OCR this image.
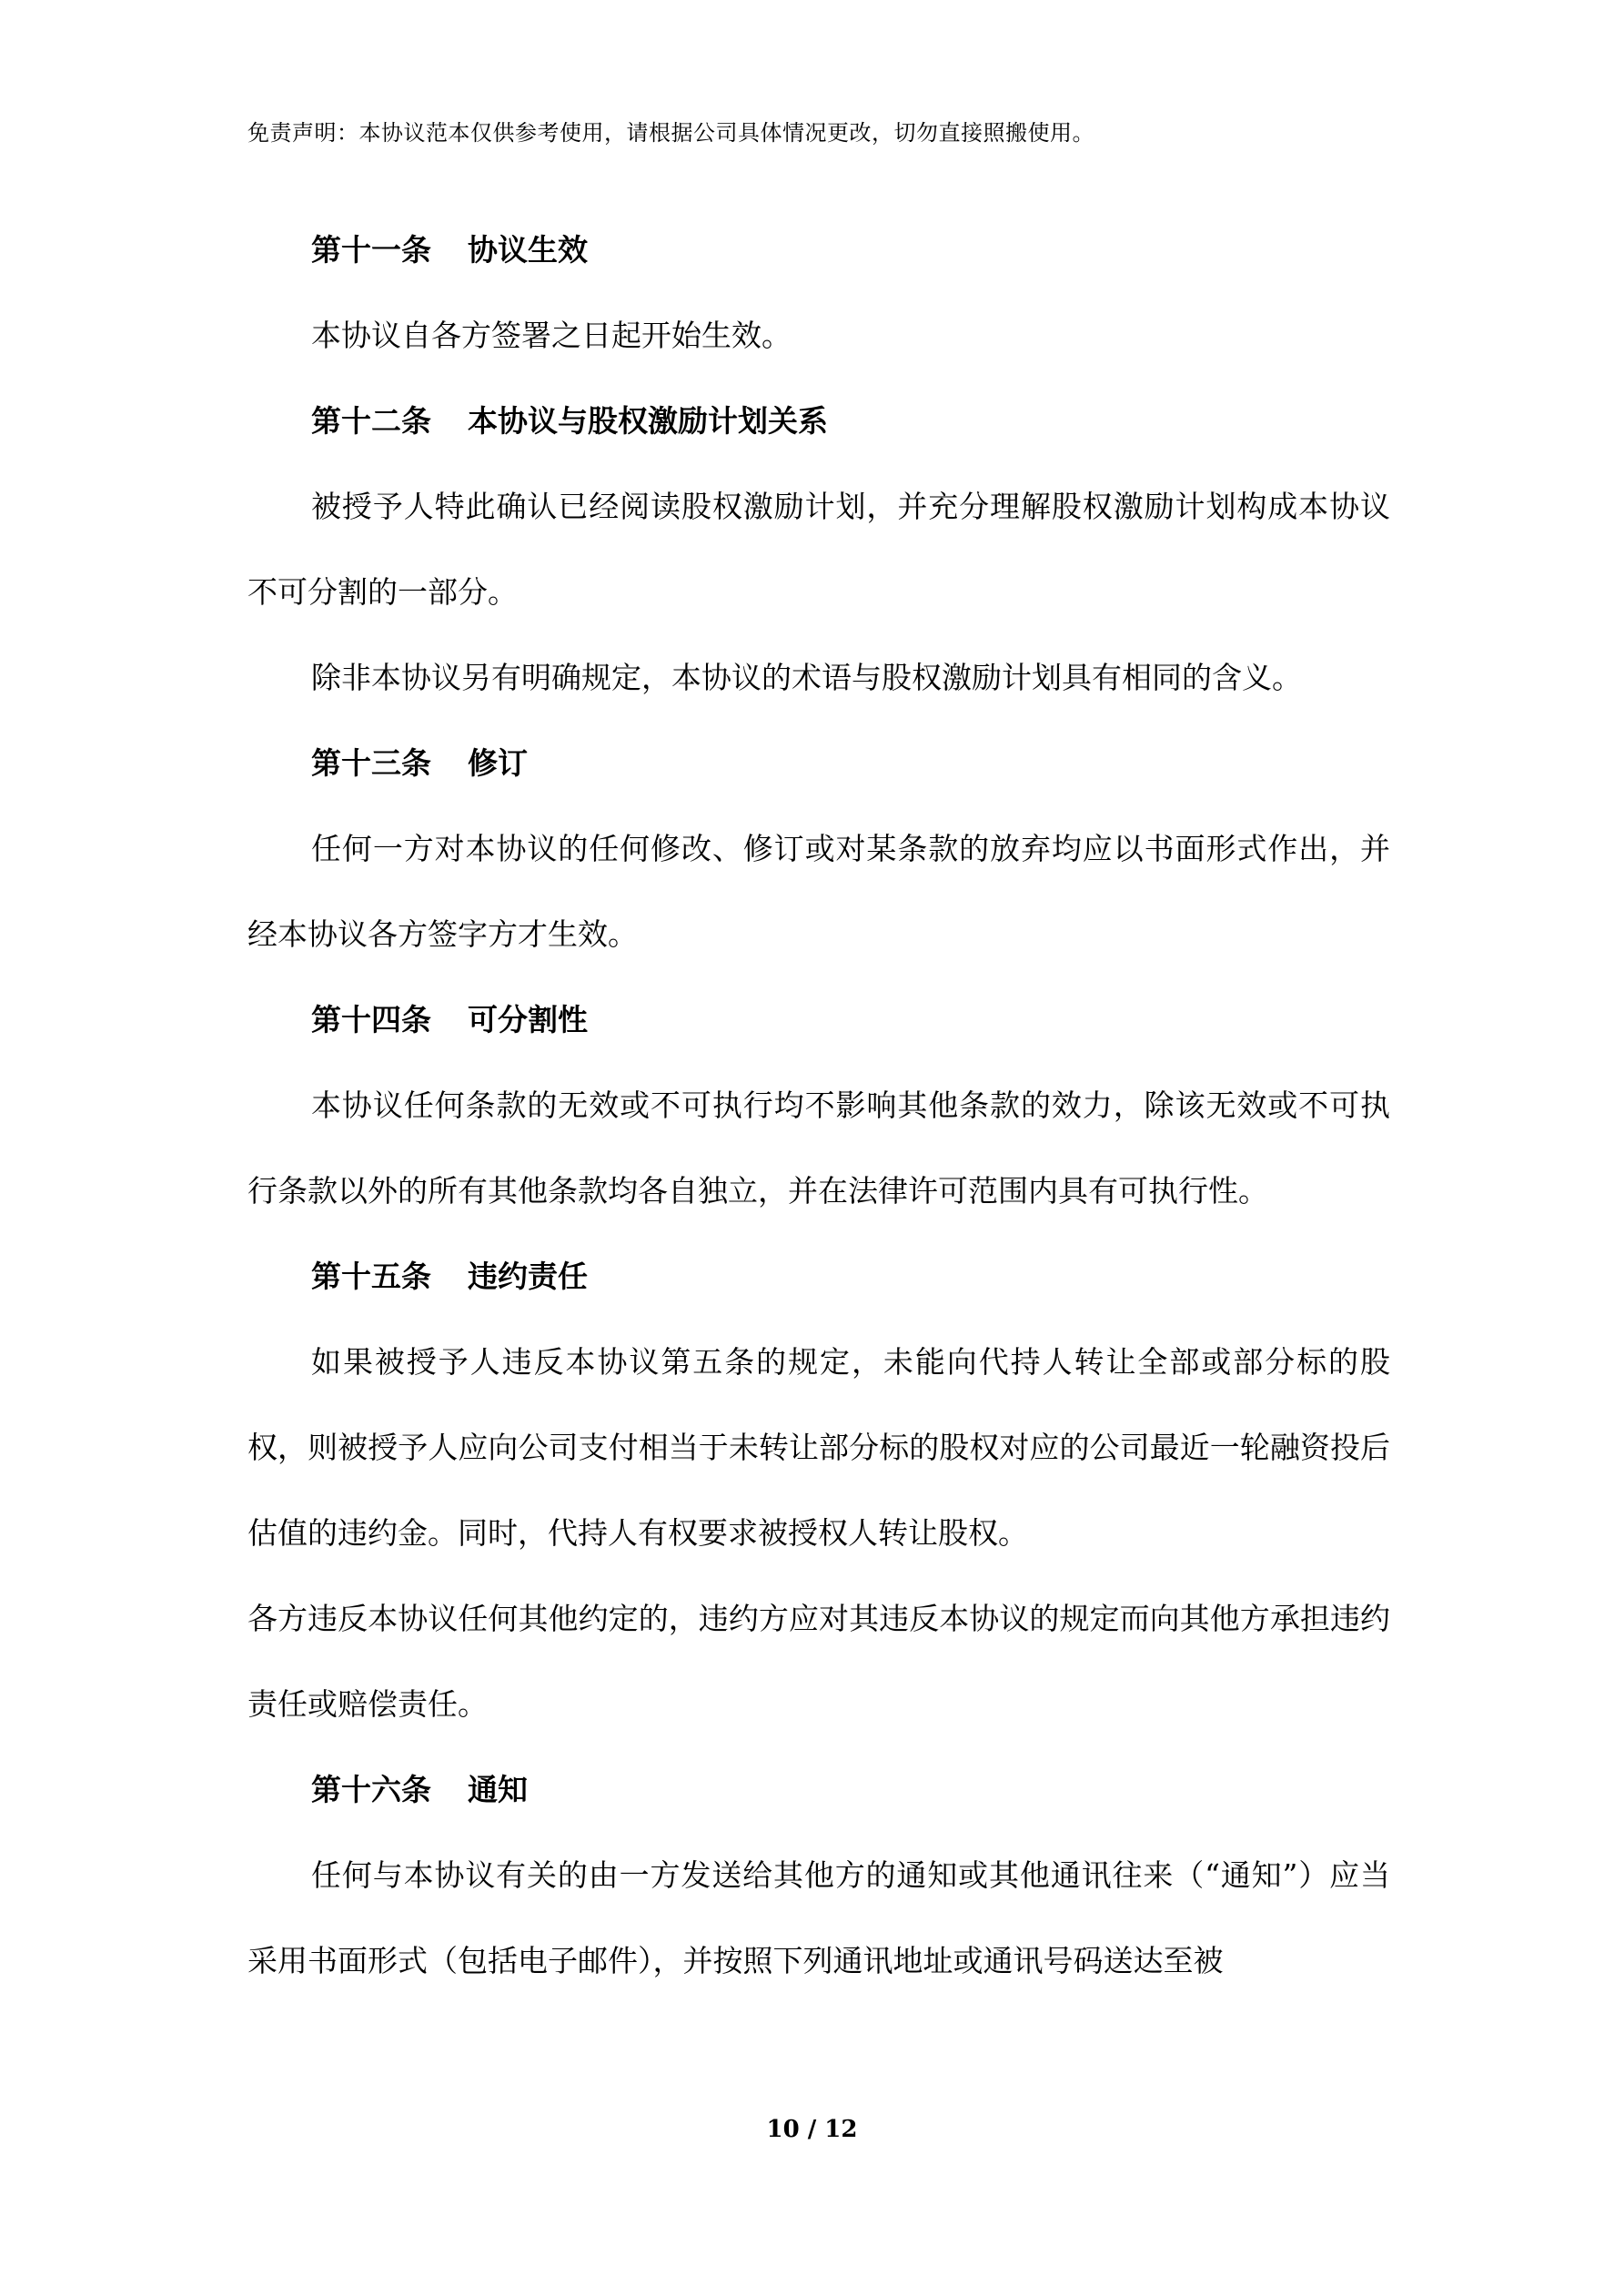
免责声明：本协议范本仅供参考使用，请根据公司具体情况更改，切勿直接照搬使用。

第十一条 协议生效

本协议自各方签署之日起开始生效。

第十二条 本协议与股权激励计划关系

被授予人特此确认已经阅读股权激励计划，并充分理解股权激励计划构成本协议不可分割的一部分。

除非本协议另有明确规定，本协议的术语与股权激励计划具有相同的含义。

第十三条 修订

任何一方对本协议的任何修改、修订或对某条款的放弃均应以书面形式作出，并经本协议各方签字方才生效。

第十四条 可分割性

本协议任何条款的无效或不可执行均不影响其他条款的效力，除该无效或不可执行条款以外的所有其他条款均各自独立，并在法律许可范围内具有可执行性。

第十五条 违约责任

如果被授予人违反本协议第五条的规定，未能向代持人转让全部或部分标的股权，则被授予人应向公司支付相当于未转让部分标的股权对应的公司最近一轮融资投后估值的违约金。同时，代持人有权要求被授权人转让股权。

各方违反本协议任何其他约定的，违约方应对其违反本协议的规定而向其他方承担违约责任或赔偿责任。

第十六条 通知

任何与本协议有关的由一方发送给其他方的通知或其他通讯往来（“通知”）应当采用书面形式（包括电子邮件），并按照下列通讯地址或通讯号码送达至被

10 / 12
